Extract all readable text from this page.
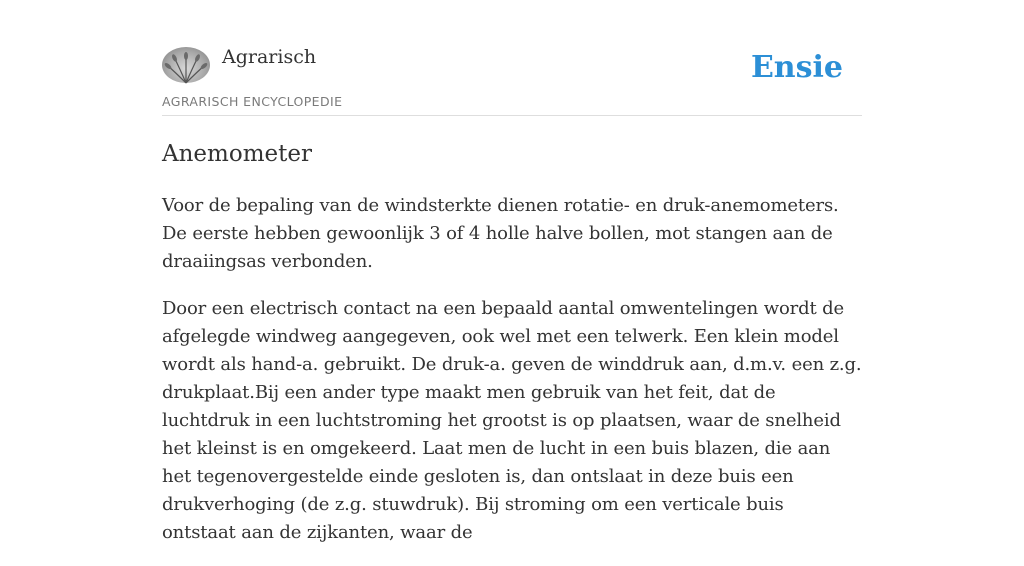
Agrarisch
AGRARISCH ENCYCLOPEDIE
Ensie
Anemometer

Voor de bepaling van de windsterkte dienen rotatie- en druk-anemometers. De eerste hebben gewoonlijk 3 of 4 holle halve bollen, mot stangen aan de draaiingsas verbonden.

Door een electrisch contact na een bepaald aantal omwentelingen wordt de afgelegde windweg aangegeven, ook wel met een telwerk. Een klein model wordt als hand-a. gebruikt. De druk-a. geven de winddruk aan, d.m.v. een z.g. drukplaat.Bij een ander type maakt men gebruik van het feit, dat de luchtdruk in een luchtstroming het grootst is op plaatsen, waar de snelheid het kleinst is en omgekeerd. Laat men de lucht in een buis blazen, die aan het tegenovergestelde einde gesloten is, dan ontslaat in deze buis een drukverhoging (de z.g. stuwdruk). Bij stroming om een verticale buis ontstaat aan de zijkanten, waar de
